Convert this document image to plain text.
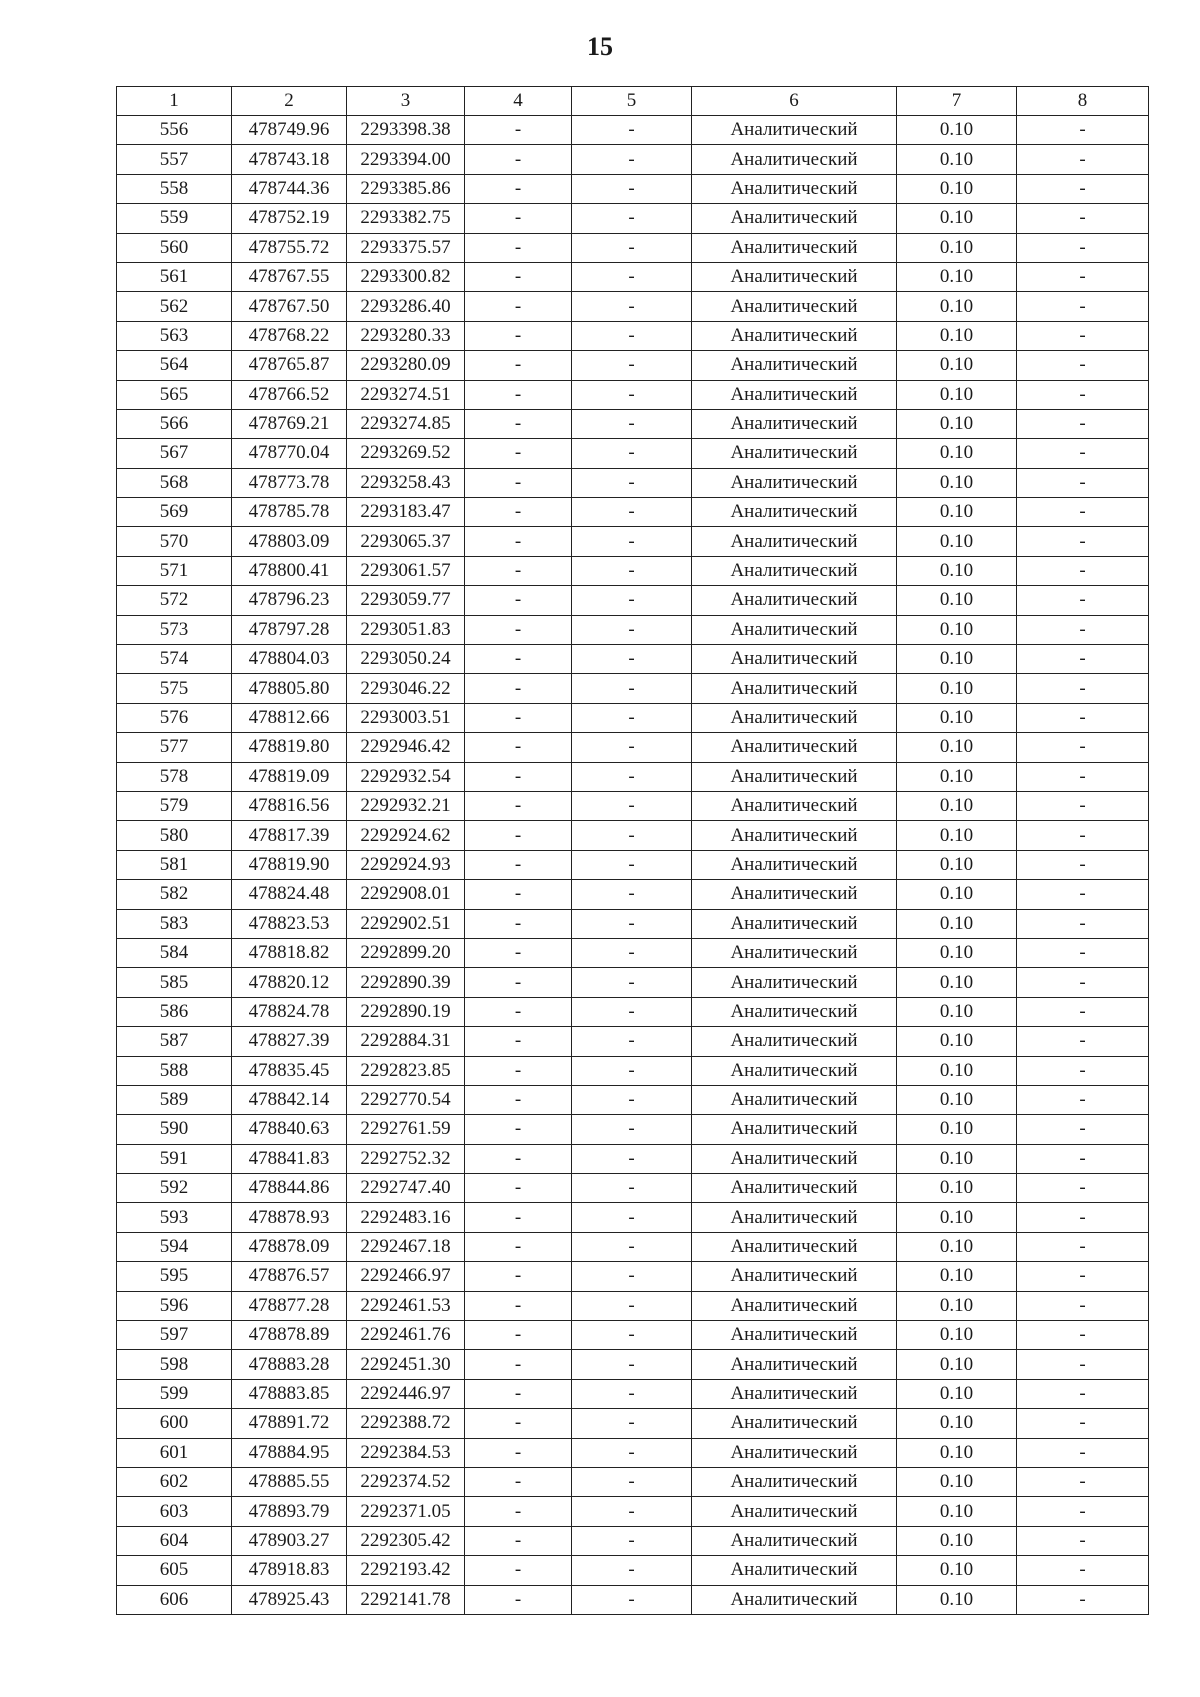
15
1	2	3	4	5	6	7	8
556	478749.96	2293398.38	-	-	Аналитический	0.10	-
557	478743.18	2293394.00	-	-	Аналитический	0.10	-
558	478744.36	2293385.86	-	-	Аналитический	0.10	-
559	478752.19	2293382.75	-	-	Аналитический	0.10	-
560	478755.72	2293375.57	-	-	Аналитический	0.10	-
561	478767.55	2293300.82	-	-	Аналитический	0.10	-
562	478767.50	2293286.40	-	-	Аналитический	0.10	-
563	478768.22	2293280.33	-	-	Аналитический	0.10	-
564	478765.87	2293280.09	-	-	Аналитический	0.10	-
565	478766.52	2293274.51	-	-	Аналитический	0.10	-
566	478769.21	2293274.85	-	-	Аналитический	0.10	-
567	478770.04	2293269.52	-	-	Аналитический	0.10	-
568	478773.78	2293258.43	-	-	Аналитический	0.10	-
569	478785.78	2293183.47	-	-	Аналитический	0.10	-
570	478803.09	2293065.37	-	-	Аналитический	0.10	-
571	478800.41	2293061.57	-	-	Аналитический	0.10	-
572	478796.23	2293059.77	-	-	Аналитический	0.10	-
573	478797.28	2293051.83	-	-	Аналитический	0.10	-
574	478804.03	2293050.24	-	-	Аналитический	0.10	-
575	478805.80	2293046.22	-	-	Аналитический	0.10	-
576	478812.66	2293003.51	-	-	Аналитический	0.10	-
577	478819.80	2292946.42	-	-	Аналитический	0.10	-
578	478819.09	2292932.54	-	-	Аналитический	0.10	-
579	478816.56	2292932.21	-	-	Аналитический	0.10	-
580	478817.39	2292924.62	-	-	Аналитический	0.10	-
581	478819.90	2292924.93	-	-	Аналитический	0.10	-
582	478824.48	2292908.01	-	-	Аналитический	0.10	-
583	478823.53	2292902.51	-	-	Аналитический	0.10	-
584	478818.82	2292899.20	-	-	Аналитический	0.10	-
585	478820.12	2292890.39	-	-	Аналитический	0.10	-
586	478824.78	2292890.19	-	-	Аналитический	0.10	-
587	478827.39	2292884.31	-	-	Аналитический	0.10	-
588	478835.45	2292823.85	-	-	Аналитический	0.10	-
589	478842.14	2292770.54	-	-	Аналитический	0.10	-
590	478840.63	2292761.59	-	-	Аналитический	0.10	-
591	478841.83	2292752.32	-	-	Аналитический	0.10	-
592	478844.86	2292747.40	-	-	Аналитический	0.10	-
593	478878.93	2292483.16	-	-	Аналитический	0.10	-
594	478878.09	2292467.18	-	-	Аналитический	0.10	-
595	478876.57	2292466.97	-	-	Аналитический	0.10	-
596	478877.28	2292461.53	-	-	Аналитический	0.10	-
597	478878.89	2292461.76	-	-	Аналитический	0.10	-
598	478883.28	2292451.30	-	-	Аналитический	0.10	-
599	478883.85	2292446.97	-	-	Аналитический	0.10	-
600	478891.72	2292388.72	-	-	Аналитический	0.10	-
601	478884.95	2292384.53	-	-	Аналитический	0.10	-
602	478885.55	2292374.52	-	-	Аналитический	0.10	-
603	478893.79	2292371.05	-	-	Аналитический	0.10	-
604	478903.27	2292305.42	-	-	Аналитический	0.10	-
605	478918.83	2292193.42	-	-	Аналитический	0.10	-
606	478925.43	2292141.78	-	-	Аналитический	0.10	-
